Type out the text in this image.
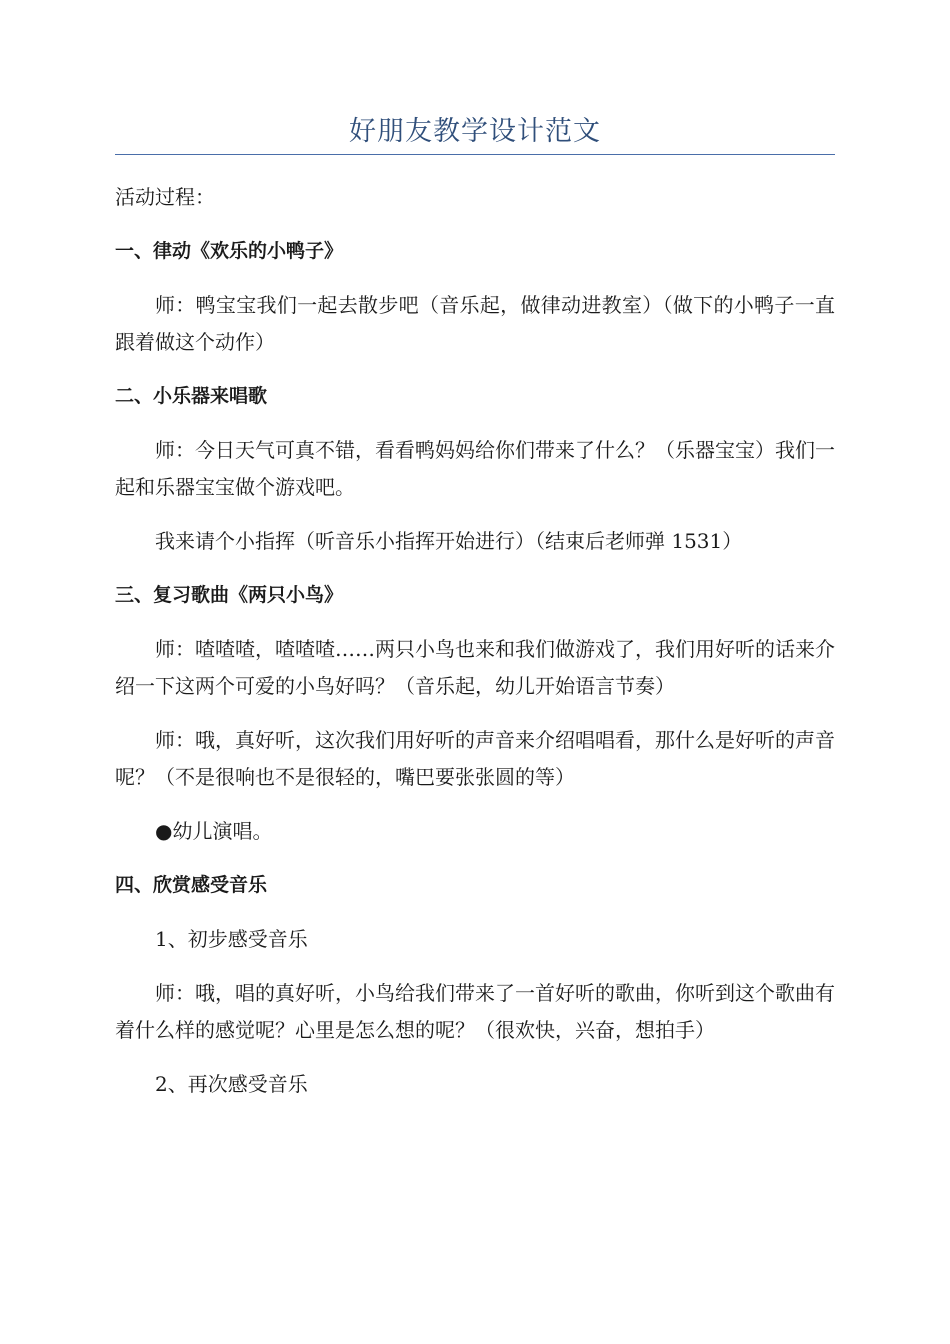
好朋友教学设计范文

活动过程：

一、律动《欢乐的小鸭子》

师：鸭宝宝我们一起去散步吧（音乐起，做律动进教室）（做下的小鸭子一直跟着做这个动作）

二、小乐器来唱歌

师：今日天气可真不错，看看鸭妈妈给你们带来了什么？（乐器宝宝）我们一起和乐器宝宝做个游戏吧。

我来请个小指挥（听音乐小指挥开始进行）（结束后老师弹 1531）

三、复习歌曲《两只小鸟》

师：喳喳喳，喳喳喳……两只小鸟也来和我们做游戏了，我们用好听的话来介绍一下这两个可爱的小鸟好吗？（音乐起，幼儿开始语言节奏）

师：哦，真好听，这次我们用好听的声音来介绍唱唱看，那什么是好听的声音呢？（不是很响也不是很轻的，嘴巴要张张圆的等）

●幼儿演唱。

四、欣赏感受音乐

1、初步感受音乐

师：哦，唱的真好听，小鸟给我们带来了一首好听的歌曲，你听到这个歌曲有着什么样的感觉呢？心里是怎么想的呢？（很欢快，兴奋，想拍手）

2、再次感受音乐
